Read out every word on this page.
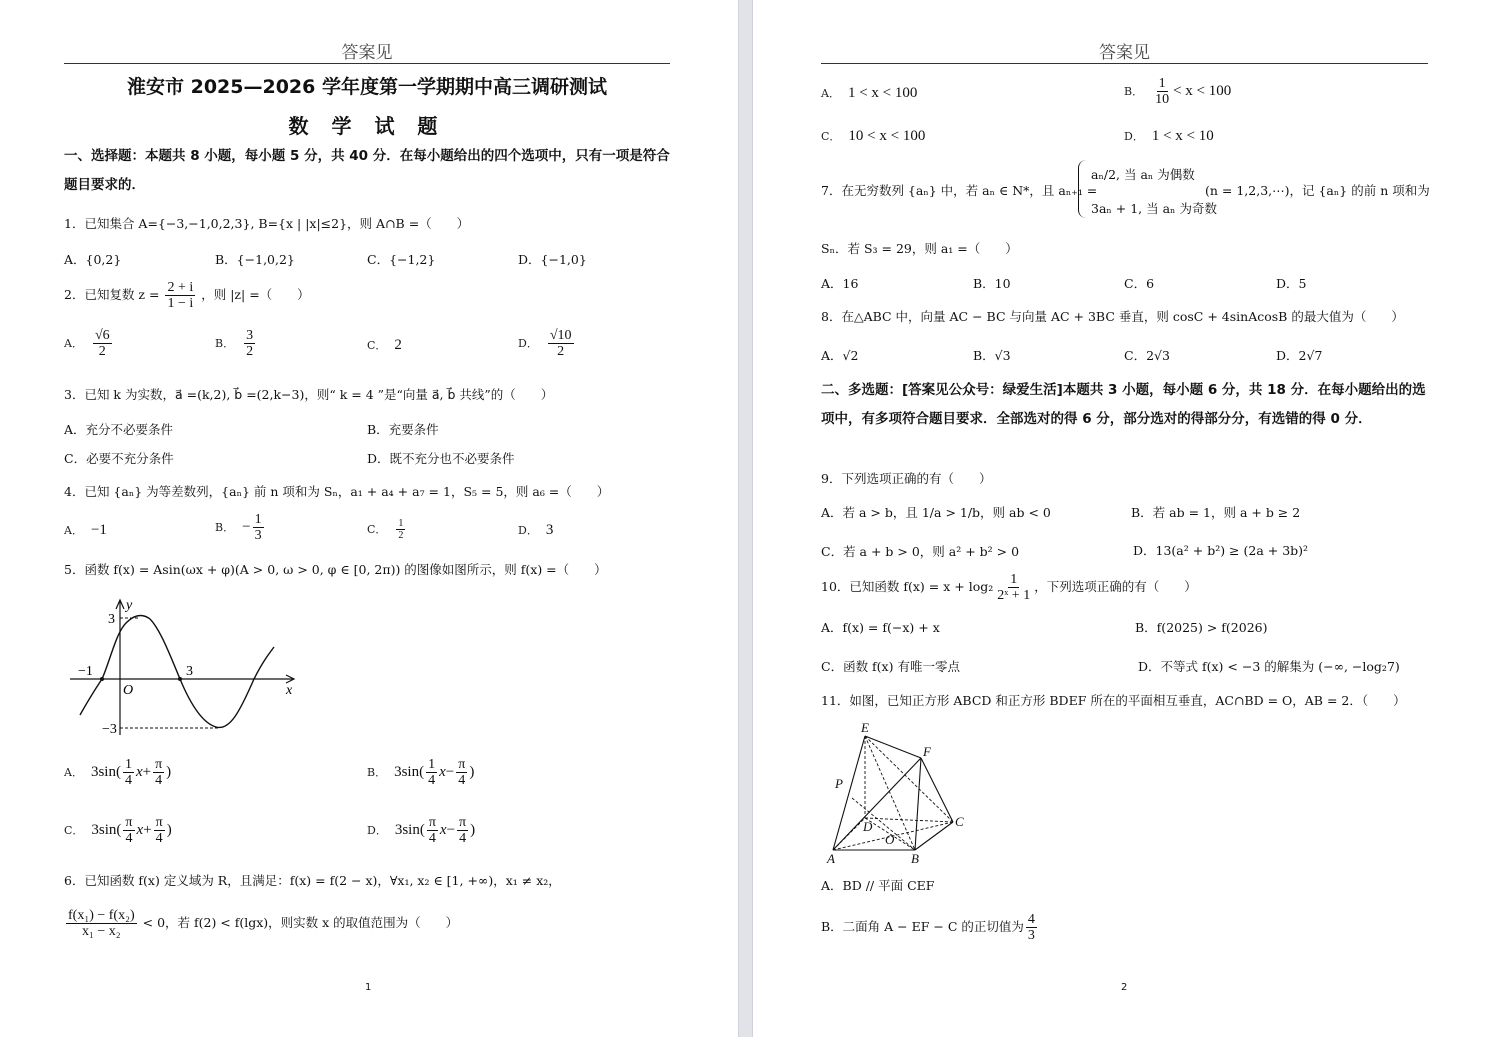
答案见
淮安市 2025—2026 学年度第一学期期中高三调研测试
数 学 试 题
一、选择题：本题共 8 小题，每小题 5 分，共 40 分．在每小题给出的四个选项中，只有一项是符合题目要求的．
1．已知集合 A={−3,−1,0,2,3}, B={x | |x|≤2}，则 A∩B =（　　）
A．{0,2}	B．{−1,0,2}	C．{−1,2}	D．{−1,0}
2．已知复数 $z = \frac{2 + i}{1 - i}$ ，则 |z| =（　　）
A． $\frac{√6}{2}$	B． $\frac{3}{2}$	C． 2	D． $\frac{√10}{2}$
3．已知 k 为实数，a⃗ =(k,2), b⃗ =(2,k−3)，则“ k = 4 ”是“向量 a⃗, b⃗ 共线”的（　　）
A．充分不必要条件	B．充要条件
C．必要不充分条件	D．既不充分也不必要条件
4．已知 {aₙ} 为等差数列，{aₙ} 前 n 项和为 Sₙ，a₁ + a₄ + a₇ = 1，S₅ = 5，则 a₆ =（　　）
A． −1	B． − $\frac{1}{3}$	C． $\frac{1}{2}$	D． 3
5．函数 f(x) = Asin(ωx + φ)(A > 0, ω > 0, φ ∈ [0, 2π)) 的图像如图所示，则 f(x) =（　　）
3
−3
−1	3
O
y
x
A． $3\sin( \frac{1}{4} x+ \frac{\pi}{4}$ )	B． $3\sin( \frac{1}{4} x- \frac{\pi}{4}$ )
C． $3\sin( \frac{\pi}{4} x+ \frac{\pi}{4}$ )	D． $3\sin( \frac{\pi}{4} x- \frac{\pi}{4}$ )
6．已知函数 f(x) 定义域为 R，且满足：f(x) = f(2 − x)，∀x₁, x₂ ∈ [1, +∞)，x₁ ≠ x₂，
$\frac{\text{f(x₁) − f(x₂)}}{\text{x₁ − x₂}} < 0$，若 f(2) < f(lgx)，则实数 x 的取值范围为（　　）
1
答案见
A． 1 < x < 100	B． $\frac{1}{10} < x < 100$
C． 10 < x < 100	D． 1 < x < 10
7．在无穷数列 {aₙ} 中，若 aₙ ∈ N*，且 aₙ₊₁ =
aₙ/2, 当 aₙ 为偶数
3aₙ + 1, 当 aₙ 为奇数
(n = 1,2,3,⋯)，记 {aₙ} 的前 n 项和为
Sₙ．若 S₃ = 29，则 a₁ =（　　）
A．16	B．10	C．6	D．5
8．在△ABC 中，向量 AC − BC 与向量 AC + 3BC 垂直，则 cosC + 4sinAcosB 的最大值为（　　）
A．√2	B．√3	C．2√3	D．2√7
二、多选题：[答案见公众号：绿爱生活]本题共 3 小题，每小题 6 分，共 18 分．在每小题给出的选项中，有多项符合题目要求．全部选对的得 6 分，部分选对的得部分分，有选错的得 0 分．
9．下列选项正确的有（　　）
A．若 a > b，且 1/a > 1/b，则 ab < 0	B．若 ab = 1，则 a + b ≥ 2
C．若 a + b > 0，则 a² + b² > 0	D．13(a² + b²) ≥ (2a + 3b)²
10．已知函数 $f(x) = x + \log_2 \frac{1}{\text{2ˣ + 1}}$ ，下列选项正确的有（　　）
A．f(x) = f(−x) + x	B．f(2025) > f(2026)
C．函数 f(x) 有唯一零点	D．不等式 f(x) < −3 的解集为 (−∞, −log₂7)
11．如图，已知正方形 ABCD 和正方形 BDEF 所在的平面相互垂直，AC∩BD = O，AB = 2．（　　）
E
F
P
D	C
O
A	B
A．BD // 平面 CEF
B．二面角 A − EF − C 的正切值为 $\frac{4}{3}$
2
